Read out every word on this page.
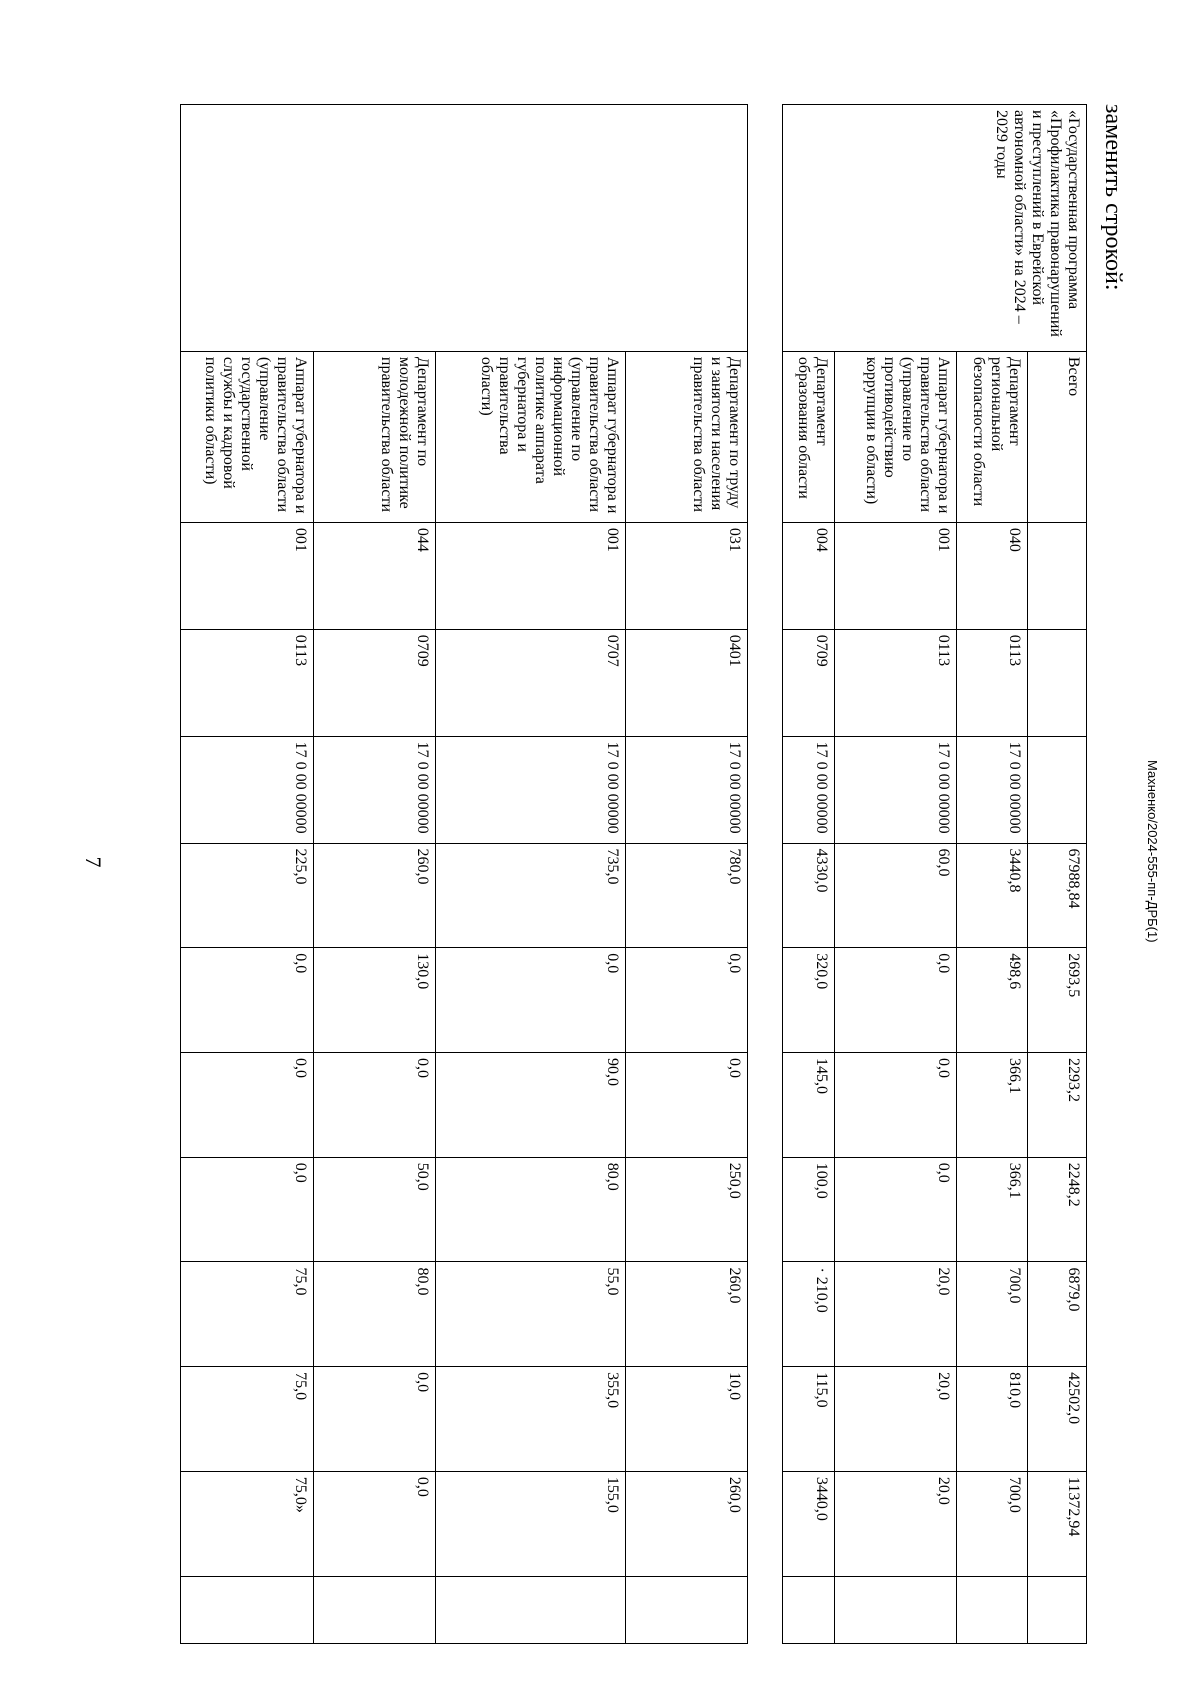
7
	Департамент по труду и занятости населения правительства области	031	0401	17 0 00 00000	780,0	0,0	0,0	250,0	260,0	10,0	260,0	
	Аппарат губернатора и правительства области (управление по информационной политике аппарата губернатора и правительства области)	001	0707	17 0 00 00000	735,0	0,0	90,0	80,0	55,0	355,0	155,0	
	Департамент по молодежной политике правительства области	044	0709	17 0 00 00000	260,0	130,0	0,0	50,0	80,0	0,0	0,0	
	Аппарат губернатора и правительства области (управление государственной службы и кадровой политики области)	001	0113	17 0 00 00000	225,0	0,0	0,0	0,0	75,0	75,0	75,0»	
заменить строкой:
«Государственная программа «Профилактика правонарушений и преступлений в Еврейской автономной области» на 2024 – 2029 годы	Всего				67988,84	2693,5	2293,2	2248,2	6879,0	42502,0	11372,94	
	Департамент региональной безопасности области	040	0113	17 0 00 00000	3440,8	498,6	366,1	366,1	700,0	810,0	700,0	
	Аппарат губернатора и правительства области (управление по противодействию коррупции в области)	001	0113	17 0 00 00000	60,0	0,0	0,0	0,0	20,0	20,0	20,0	
	Департамент образования области	004	0709	17 0 00 00000	4330,0	320,0	145,0	100,0	· 210,0	115,0	3440,0	
Махненко/2024-555-пп-ДРБ(1)
